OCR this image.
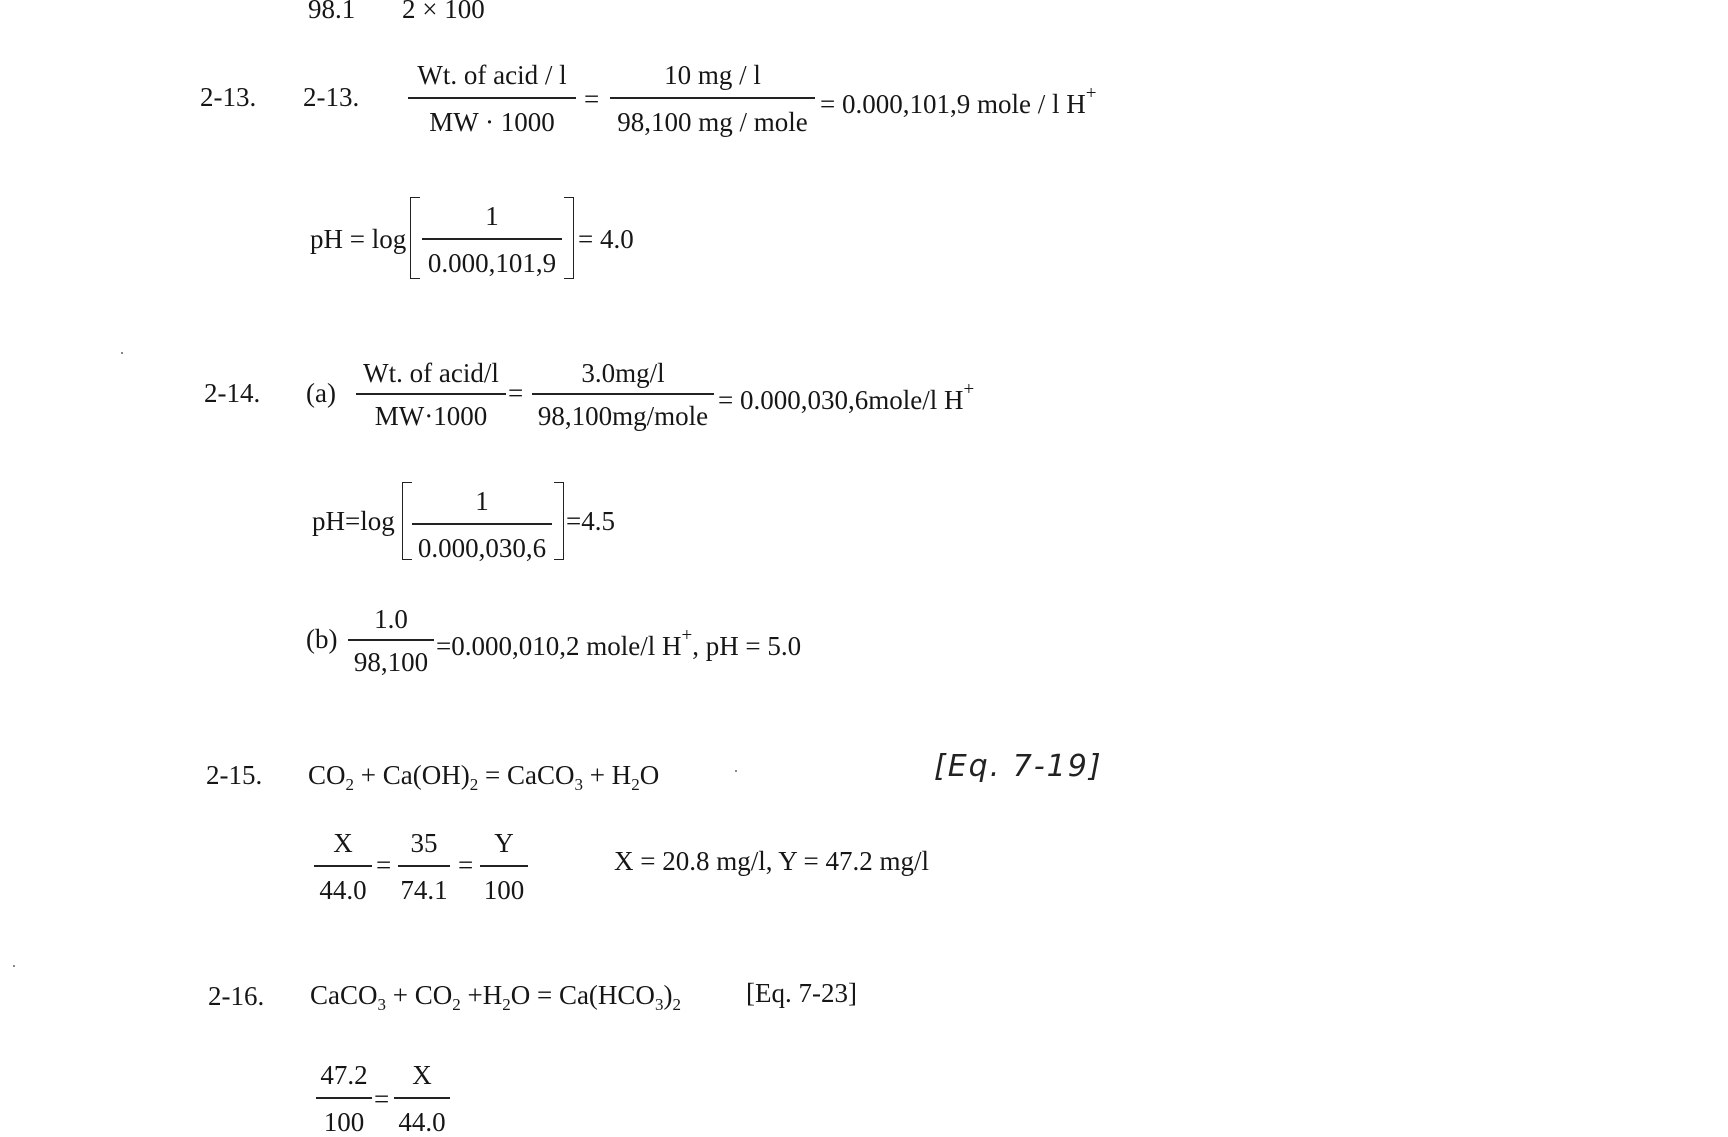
98.1 2 × 100
2-13. 2-13.
Wt. of acid / l
MW · 1000
=
10 mg / l
98,100 mg / mole
= 0.000,101,9 mole / l H+
pH = log
1
0.000,101,9
= 4.0
2-14. (a)
Wt. of acid/l
MW·1000
=
3.0mg/l
98,100mg/mole
= 0.000,030,6mole/l H+
pH=log
1
0.000,030,6
=4.5
(b)
1.0
98,100
=0.000,010,2 mole/l H+, pH = 5.0
2-15. $CO_2 + Ca(OH)_2$ = CaCO$_3$ + $H_2O$	[Eq. 7-19]
X
44.0
=
35
74.1
=
Y
100
X = 20.8 mg/l, Y = 47.2 mg/l
2-16. CaCO$_3$ + $CO_2 +H_2O = Ca(HCO_3)_2$ [Eq. 7-23]
47.2
100
=
X
44.0
